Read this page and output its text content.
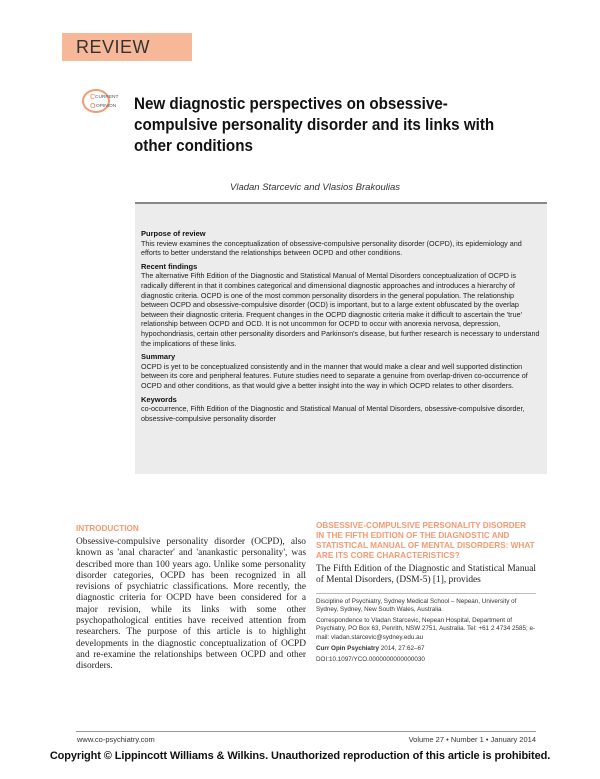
REVIEW
C CURRENT
O OPINION New diagnostic perspectives on obsessive-compulsive personality disorder and its links with other conditions
Vladan Starcevic and Vlasios Brakoulias
Purpose of review

This review examines the conceptualization of obsessive-compulsive personality disorder (OCPD), its epidemiology and efforts to better understand the relationships between OCPD and other conditions.

Recent findings

The alternative Fifth Edition of the Diagnostic and Statistical Manual of Mental Disorders conceptualization of OCPD is radically different in that it combines categorical and dimensional diagnostic approaches and introduces a hierarchy of diagnostic criteria. OCPD is one of the most common personality disorders in the general population. The relationship between OCPD and obsessive-compulsive disorder (OCD) is important, but to a large extent obfuscated by the overlap between their diagnostic criteria. Frequent changes in the OCPD diagnostic criteria make it difficult to ascertain the 'true' relationship between OCPD and OCD. It is not uncommon for OCPD to occur with anorexia nervosa, depression, hypochondriasis, certain other personality disorders and Parkinson's disease, but further research is necessary to understand the implications of these links.

Summary

OCPD is yet to be conceptualized consistently and in the manner that would make a clear and well supported distinction between its core and peripheral features. Future studies need to separate a genuine from overlap-driven co-occurrence of OCPD and other conditions, as that would give a better insight into the way in which OCPD relates to other disorders.

Keywords

co-occurrence, Fifth Edition of the Diagnostic and Statistical Manual of Mental Disorders, obsessive-compulsive disorder, obsessive-compulsive personality disorder

INTRODUCTION
Obsessive-compulsive personality disorder (OCPD), also known as 'anal character' and 'anankastic personality', was described more than 100 years ago. Unlike some personality disorder categories, OCPD has been recognized in all revisions of psychiatric classifications. More recently, the diagnostic criteria for OCPD have been considered for a major revision, while its links with some other psychopathological entities have received attention from researchers. The purpose of this article is to highlight developments in the diagnostic conceptualization of OCPD and re-examine the relationships between OCPD and other disorders.
OBSESSIVE-COMPULSIVE PERSONALITY DISORDER IN THE FIFTH EDITION OF THE DIAGNOSTIC AND STATISTICAL MANUAL OF MENTAL DISORDERS: WHAT ARE ITS CORE CHARACTERISTICS?
The Fifth Edition of the Diagnostic and Statistical Manual of Mental Disorders, (DSM-5) [1], provides

Discipline of Psychiatry, Sydney Medical School – Nepean, University of Sydney, Sydney, New South Wales, Australia

Correspondence to Vladan Starcevic, Nepean Hospital, Department of Psychiatry, PO Box 63, Penrith, NSW 2751, Australia. Tel: +61 2 4734 2585; e-mail: vladan.starcevic@sydney.edu.au

Curr Opin Psychiatry 2014, 27:62–67

DOI:10.1097/YCO.0000000000000030

www.co-psychiatry.com	Volume 27 • Number 1 • January 2014
Copyright © Lippincott Williams & Wilkins. Unauthorized reproduction of this article is prohibited.
